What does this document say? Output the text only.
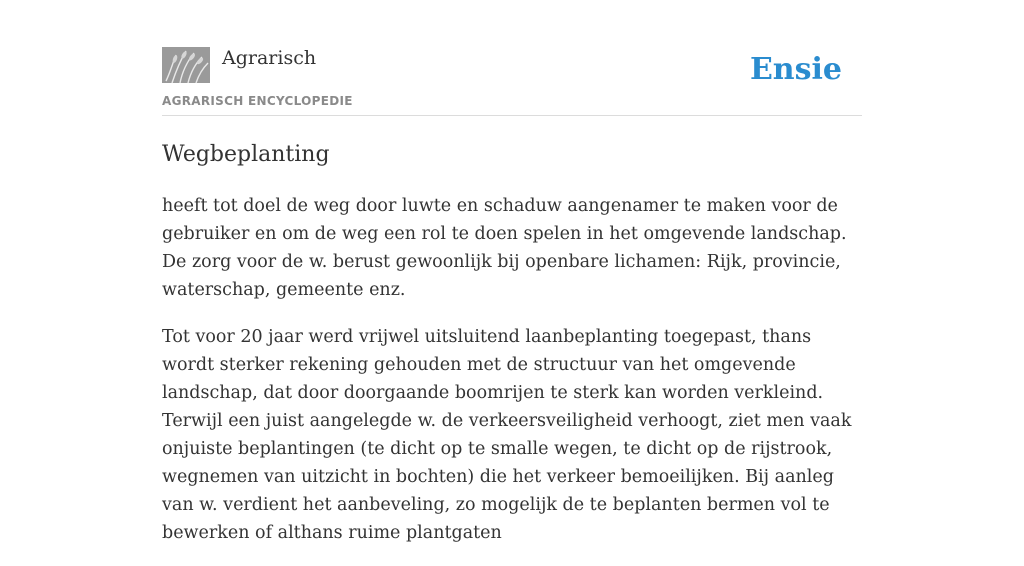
Agrarisch
AGRARISCH ENCYCLOPEDIE
Ensie
Wegbeplanting

heeft tot doel de weg door luwte en schaduw aangenamer te maken voor de gebruiker en om de weg een rol te doen spelen in het omgevende landschap. De zorg voor de w. berust gewoonlijk bij openbare lichamen: Rijk, provincie, waterschap, gemeente enz.

Tot voor 20 jaar werd vrijwel uitsluitend laanbeplanting toegepast, thans wordt sterker rekening gehouden met de structuur van het omgevende landschap, dat door doorgaande boomrijen te sterk kan worden verkleind. Terwijl een juist aangelegde w. de verkeersveiligheid verhoogt, ziet men vaak onjuiste beplantingen (te dicht op te smalle wegen, te dicht op de rijstrook, wegnemen van uitzicht in bochten) die het verkeer bemoeilijken. Bij aanleg van w. verdient het aanbeveling, zo mogelijk de te beplanten bermen vol te bewerken of althans ruime plantgaten
